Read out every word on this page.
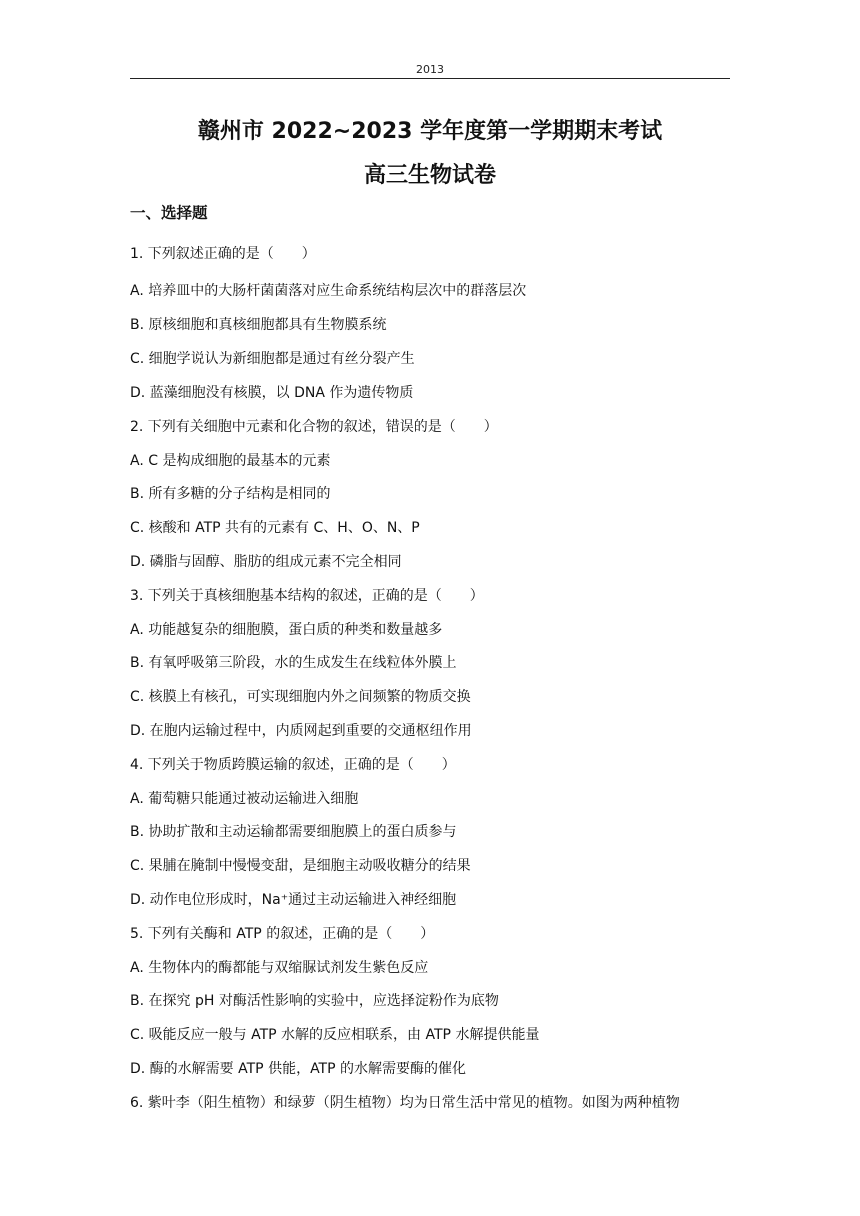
2013
赣州市 2022~2023 学年度第一学期期末考试
高三生物试卷
一、选择题
1. 下列叙述正确的是（　　）
A. 培养皿中的大肠杆菌菌落对应生命系统结构层次中的群落层次
B. 原核细胞和真核细胞都具有生物膜系统
C. 细胞学说认为新细胞都是通过有丝分裂产生
D. 蓝藻细胞没有核膜，以 DNA 作为遗传物质
2. 下列有关细胞中元素和化合物的叙述，错误的是（　　）
A. C 是构成细胞的最基本的元素
B. 所有多糖的分子结构是相同的
C. 核酸和 ATP 共有的元素有 C、H、O、N、P
D. 磷脂与固醇、脂肪的组成元素不完全相同
3. 下列关于真核细胞基本结构的叙述，正确的是（　　）
A. 功能越复杂的细胞膜，蛋白质的种类和数量越多
B. 有氧呼吸第三阶段，水的生成发生在线粒体外膜上
C. 核膜上有核孔，可实现细胞内外之间频繁的物质交换
D. 在胞内运输过程中，内质网起到重要的交通枢纽作用
4. 下列关于物质跨膜运输的叙述，正确的是（　　）
A. 葡萄糖只能通过被动运输进入细胞
B. 协助扩散和主动运输都需要细胞膜上的蛋白质参与
C. 果脯在腌制中慢慢变甜，是细胞主动吸收糖分的结果
D. 动作电位形成时，Na⁺通过主动运输进入神经细胞
5. 下列有关酶和 ATP 的叙述，正确的是（　　）
A. 生物体内的酶都能与双缩脲试剂发生紫色反应
B. 在探究 pH 对酶活性影响的实验中，应选择淀粉作为底物
C. 吸能反应一般与 ATP 水解的反应相联系，由 ATP 水解提供能量
D. 酶的水解需要 ATP 供能，ATP 的水解需要酶的催化
6. 紫叶李（阳生植物）和绿萝（阴生植物）均为日常生活中常见的植物。如图为两种植物
